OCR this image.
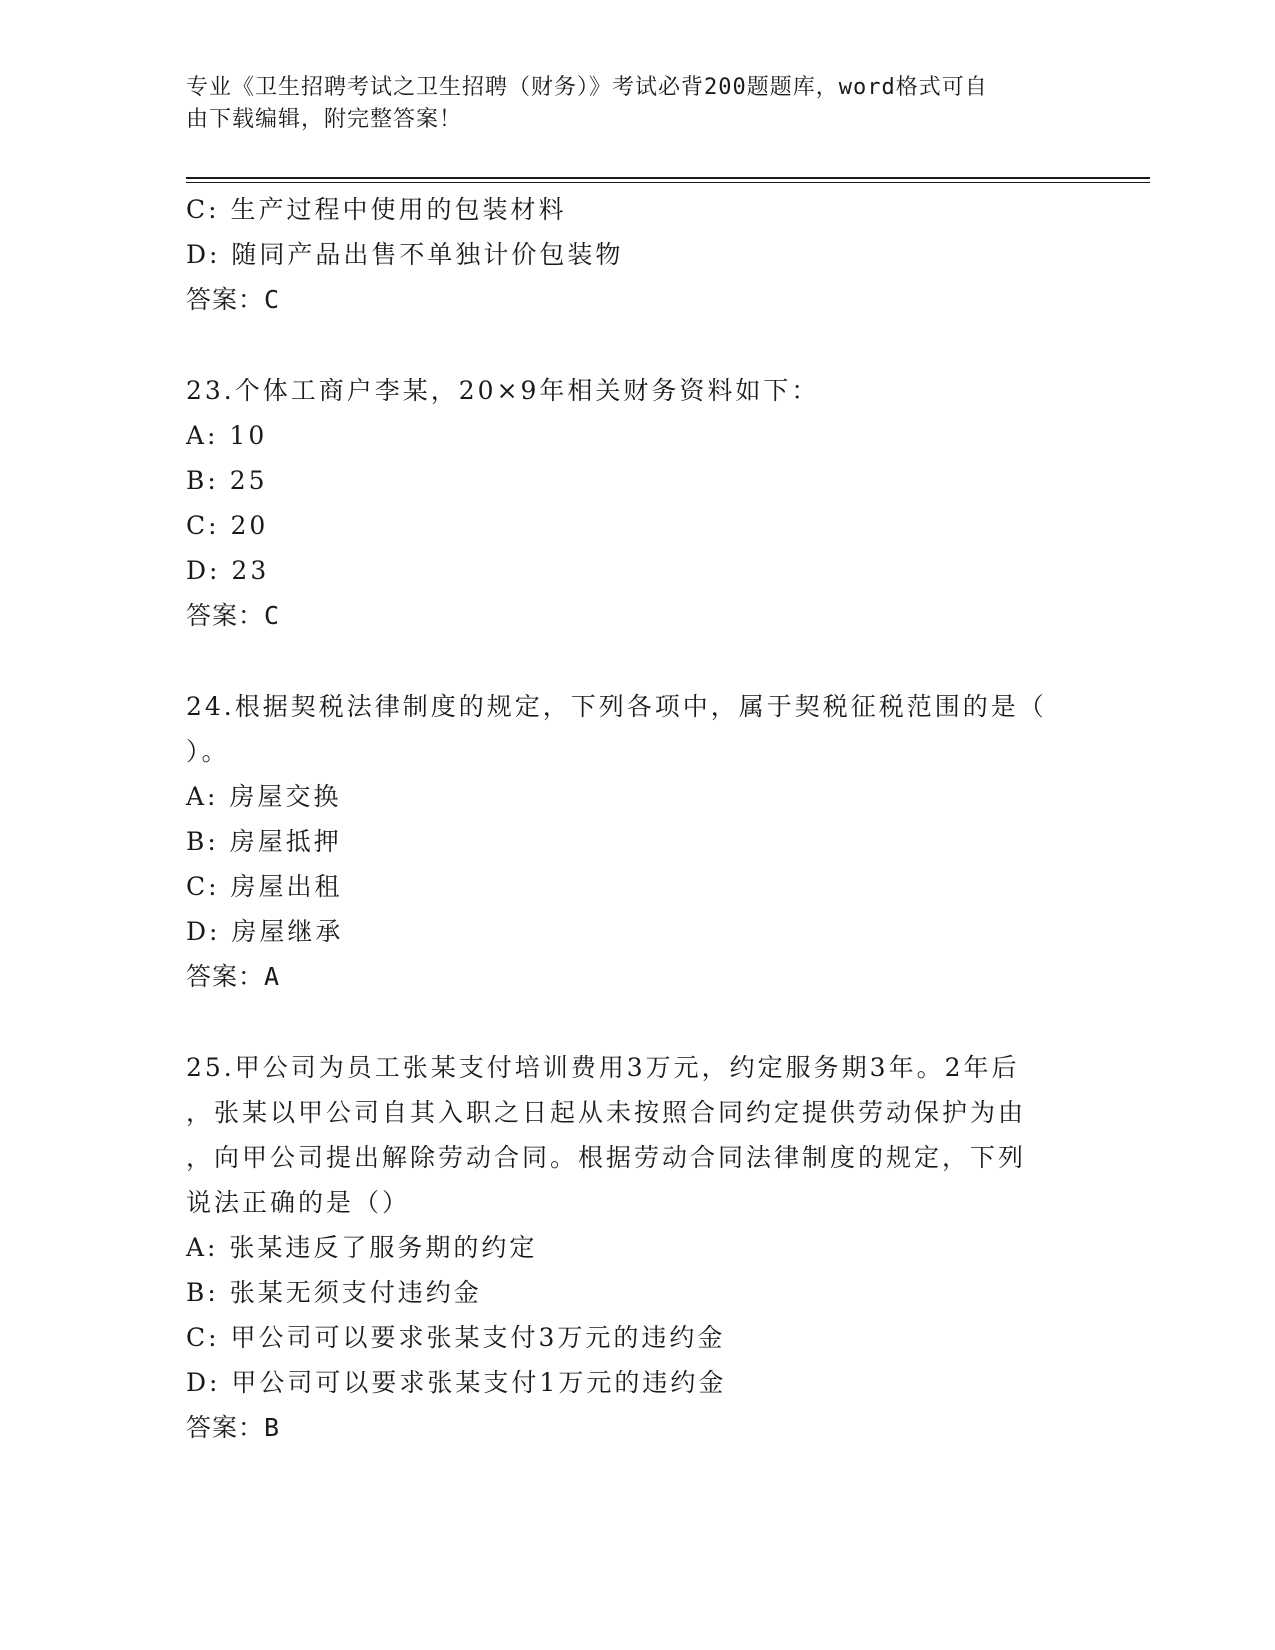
专业《卫生招聘考试之卫生招聘（财务）》考试必背200题题库，word格式可自
由下载编辑，附完整答案！
C: 生产过程中使用的包装材料
D: 随同产品出售不单独计价包装物
答案：C
23.个体工商户李某，20×9年相关财务资料如下：
A: 10
B: 25
C: 20
D: 23
答案：C
24.根据契税法律制度的规定，下列各项中，属于契税征税范围的是（
）。
A: 房屋交换
B: 房屋抵押
C: 房屋出租
D: 房屋继承
答案：A
25.甲公司为员工张某支付培训费用3万元，约定服务期3年。2年后
，张某以甲公司自其入职之日起从未按照合同约定提供劳动保护为由
，向甲公司提出解除劳动合同。根据劳动合同法律制度的规定，下列
说法正确的是（）
A: 张某违反了服务期的约定
B: 张某无须支付违约金
C: 甲公司可以要求张某支付3万元的违约金
D: 甲公司可以要求张某支付1万元的违约金
答案：B
